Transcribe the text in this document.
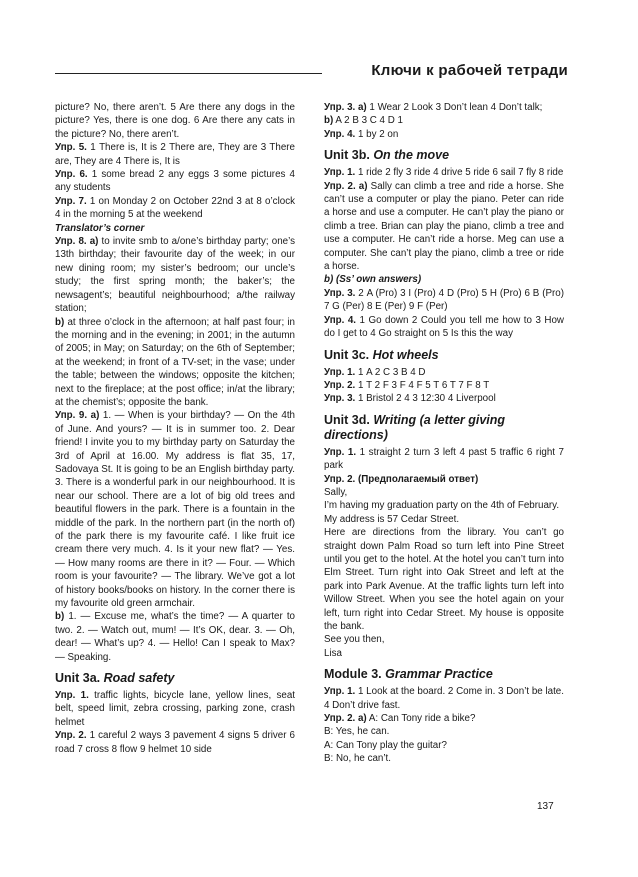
Ключи к рабочей тетради

picture? No, there aren’t. 5 Are there any dogs in the picture? Yes, there is one dog. 6 Are there any cats in the picture? No, there aren’t.

Упр. 5. 1 There is, It is 2 There are, They are 3 There are, They are 4 There is, It is

Упр. 6. 1 some bread 2 any eggs 3 some pictures 4 any students

Упр. 7. 1 on Monday 2 on October 22nd 3 at 8 o’clock 4 in the morning 5 at the weekend

Translator’s corner

Упр. 8. a) to invite smb to a/one’s birthday party; one’s 13th birthday; their favourite day of the week; in our new dining room; my sister’s bedroom; our uncle’s study; the first spring month; the baker’s; the newsagent’s; beautiful neighbourhood; a/the railway station;

b) at three o’clock in the afternoon; at half past four; in the morning and in the evening; in 2001; in the autumn of 2005; in May; on Saturday; on the 6th of September; at the weekend; in front of a TV-set; in the vase; under the table; between the windows; opposite the kitchen; next to the fireplace; at the post office; in/at the library; at the chemist’s; opposite the bank.

Упр. 9. a) 1. — When is your birthday? — On the 4th of June. And yours? — It is in summer too. 2. Dear friend! I invite you to my birthday party on Saturday the 3rd of April at 16.00. My address is flat 35, 17, Sadovaya St. It is going to be an English birthday party. 3. There is a wonderful park in our neighbourhood. It is near our school. There are a lot of big old trees and beautiful flowers in the park. There is a fountain in the middle of the park. In the northern part (in the north of) of the park there is my favourite café. I like fruit ice cream there very much. 4. Is it your new flat? — Yes. — How many rooms are there in it? — Four. — Which room is your favourite? — The library. We’ve got a lot of history books/books on history. In the corner there is my favourite old green armchair.

b) 1. — Excuse me, what’s the time? — A quarter to two. 2. — Watch out, mum! — It’s OK, dear. 3. — Oh, dear! — What’s up? 4. — Hello! Can I speak to Max? — Speaking.

Unit 3a. Road safety

Упр. 1. traffic lights, bicycle lane, yellow lines, seat belt, speed limit, zebra crossing, parking zone, crash helmet

Упр. 2. 1 careful 2 ways 3 pavement 4 signs 5 driver 6 road 7 cross 8 flow 9 helmet 10 side

Упр. 3. a) 1 Wear 2 Look 3 Don’t lean 4 Don’t talk;

b) A 2 B 3 C 4 D 1

Упр. 4. 1 by 2 on

Unit 3b. On the move

Упр. 1. 1 ride 2 fly 3 ride 4 drive 5 ride 6 sail 7 fly 8 ride

Упр. 2. a) Sally can climb a tree and ride a horse. She can’t use a computer or play the piano. Peter can ride a horse and use a computer. He can’t play the piano or climb a tree. Brian can play the piano, climb a tree and use a computer. He can’t ride a horse. Meg can use a computer. She can’t play the piano, climb a tree or ride a horse.

b) (Ss’ own answers)

Упр. 3. 2 A (Pro) 3 I (Pro) 4 D (Pro) 5 H (Pro) 6 B (Pro) 7 G (Per) 8 E (Per) 9 F (Per)

Упр. 4. 1 Go down 2 Could you tell me how to 3 How do I get to 4 Go straight on 5 Is this the way

Unit 3c. Hot wheels

Упр. 1. 1 A 2 C 3 B 4 D

Упр. 2. 1 T 2 F 3 F 4 F 5 T 6 T 7 F 8 T

Упр. 3. 1 Bristol 2 4 3 12:30 4 Liverpool

Unit 3d. Writing (a letter giving directions)

Упр. 1. 1 straight 2 turn 3 left 4 past 5 traffic 6 right 7 park

Упр. 2. (Предполагаемый ответ)

Sally,

I’m having my graduation party on the 4th of February.

My address is 57 Cedar Street.

Here are directions from the library. You can’t go straight down Palm Road so turn left into Pine Street until you get to the hotel. At the hotel you can’t turn into Elm Street. Turn right into Oak Street and left at the park into Park Avenue. At the traffic lights turn left into Willow Street. When you see the hotel again on your left, turn right into Cedar Street. My house is opposite the bank.

See you then,

Lisa

Module 3. Grammar Practice

Упр. 1. 1 Look at the board. 2 Come in. 3 Don’t be late. 4 Don’t drive fast.

Упр. 2. a) A: Can Tony ride a bike?

B: Yes, he can.

A: Can Tony play the guitar?

B: No, he can’t.

137
